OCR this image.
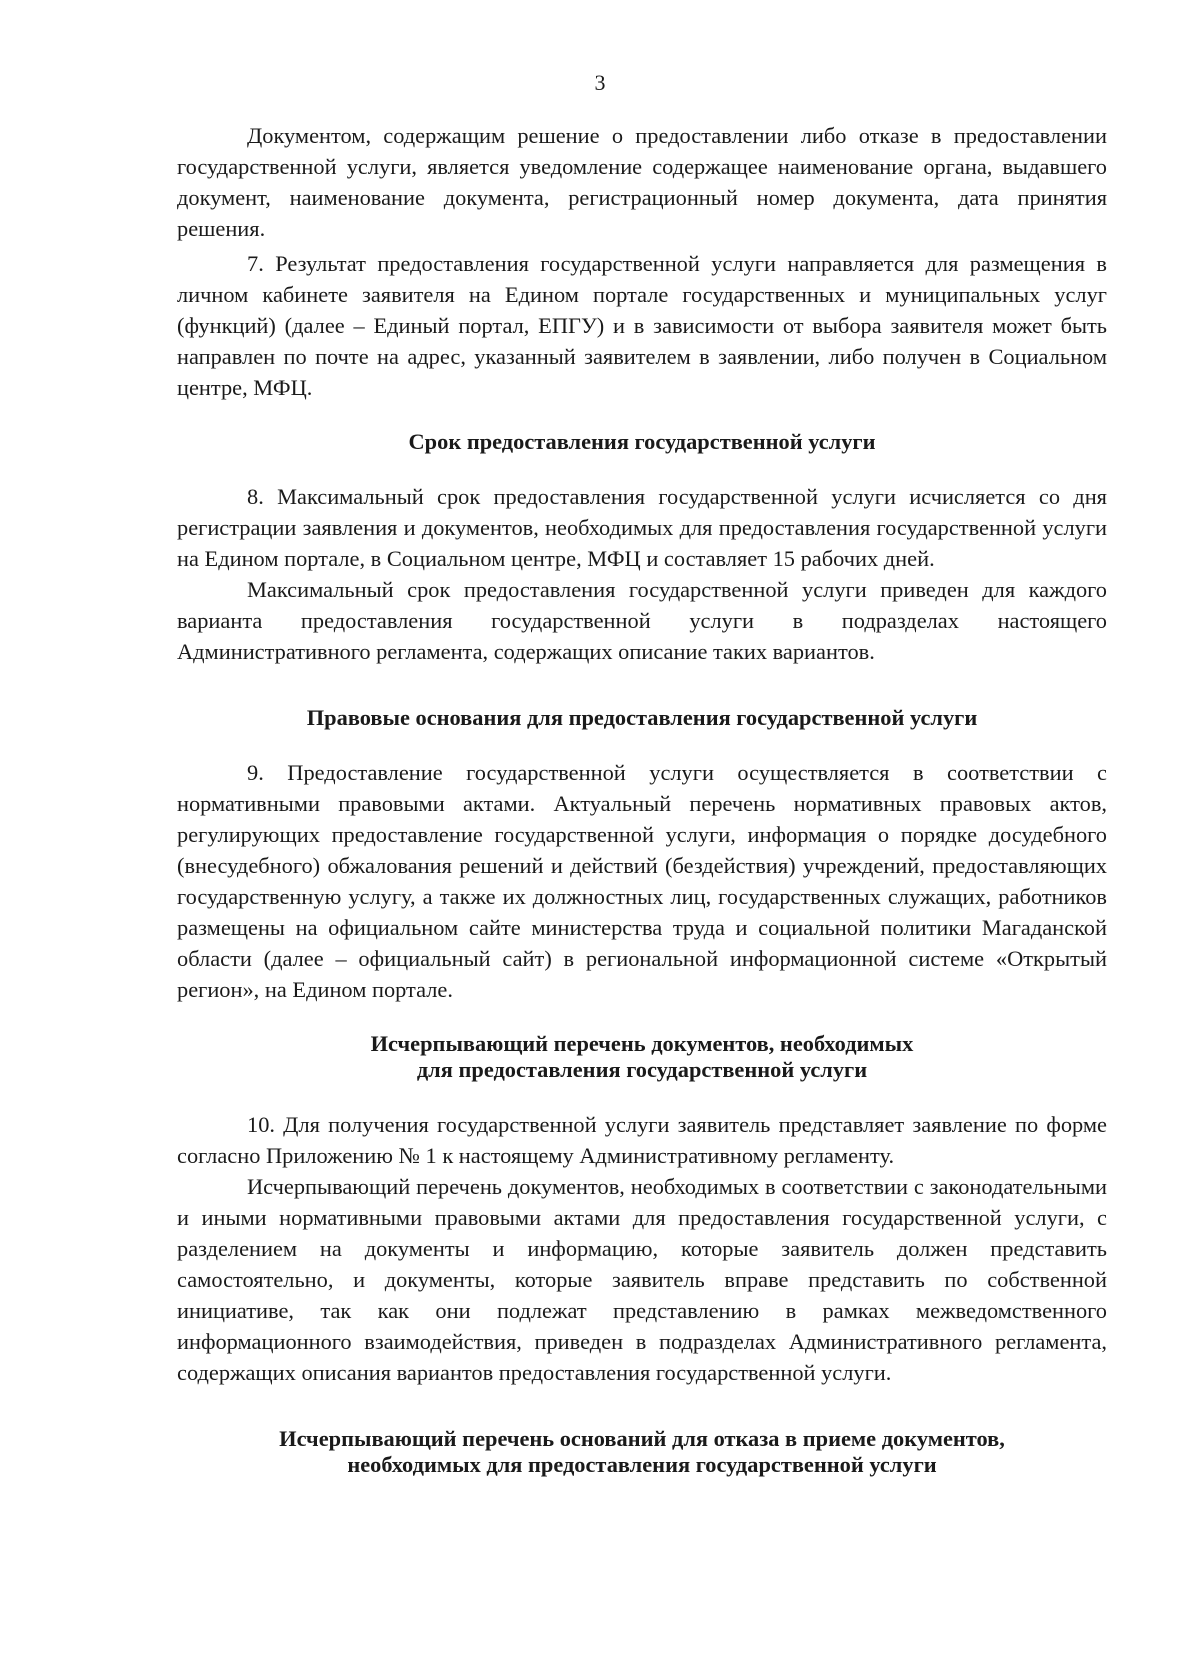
3

Документом, содержащим решение о предоставлении либо отказе в предоставлении государственной услуги, является уведомление содержащее наименование органа, выдавшего документ, наименование документа, регистрационный номер документа, дата принятия решения.

7. Результат предоставления государственной услуги направляется для размещения в личном кабинете заявителя на Едином портале государственных и муниципальных услуг (функций) (далее – Единый портал, ЕПГУ) и в зависимости от выбора заявителя может быть направлен по почте на адрес, указанный заявителем в заявлении, либо получен в Социальном центре, МФЦ.

Срок предоставления государственной услуги

8. Максимальный срок предоставления государственной услуги исчисляется со дня регистрации заявления и документов, необходимых для предоставления государственной услуги на Едином портале, в Социальном центре, МФЦ и составляет 15 рабочих дней.

Максимальный срок предоставления государственной услуги приведен для каждого варианта предоставления государственной услуги в подразделах настоящего Административного регламента, содержащих описание таких вариантов.

Правовые основания для предоставления государственной услуги

9. Предоставление государственной услуги осуществляется в соответствии с нормативными правовыми актами. Актуальный перечень нормативных правовых актов, регулирующих предоставление государственной услуги, информация о порядке досудебного (внесудебного) обжалования решений и действий (бездействия) учреждений, предоставляющих государственную услугу, а также их должностных лиц, государственных служащих, работников размещены на официальном сайте министерства труда и социальной политики Магаданской области (далее – официальный сайт) в региональной информационной системе «Открытый регион», на Едином портале.

Исчерпывающий перечень документов, необходимых
для предоставления государственной услуги

10. Для получения государственной услуги заявитель представляет заявление по форме согласно Приложению № 1 к настоящему Административному регламенту.

Исчерпывающий перечень документов, необходимых в соответствии с законодательными и иными нормативными правовыми актами для предоставления государственной услуги, с разделением на документы и информацию, которые заявитель должен представить самостоятельно, и документы, которые заявитель вправе представить по собственной инициативе, так как они подлежат представлению в рамках межведомственного информационного взаимодействия, приведен в подразделах Административного регламента, содержащих описания вариантов предоставления государственной услуги.

Исчерпывающий перечень оснований для отказа в приеме документов,
необходимых для предоставления государственной услуги
